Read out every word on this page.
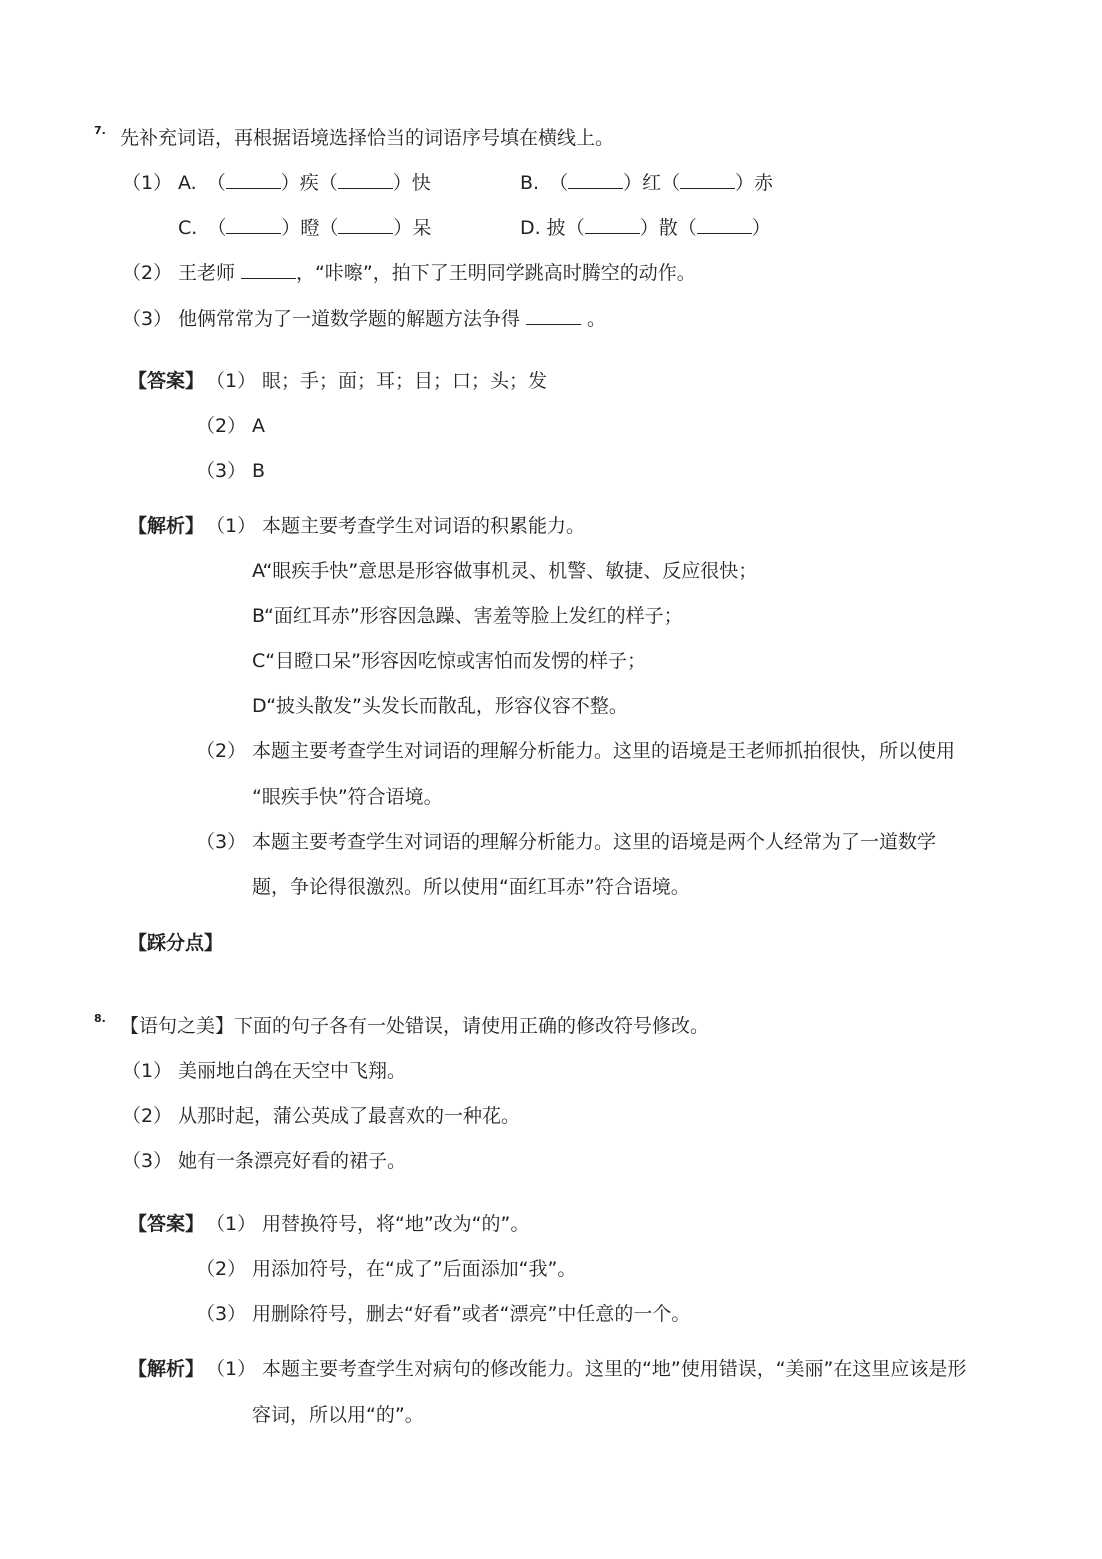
7. 先补充词语，再根据语境选择恰当的词语序号填在横线上。
（1） A. （	）疾（	）快	B. （	）红（	）赤
C. （	）瞪（	）呆	D. 披（	）散（	）
（2） 王老师	，“咔嚓”，拍下了王明同学跳高时腾空的动作。
（3） 他俩常常为了一道数学题的解题方法争得	。
【答案】 （1） 眼；手；面；耳；目；口；头；发
（2） A
（3） B
【解析】 （1） 本题主要考查学生对词语的积累能力。
A“眼疾手快”意思是形容做事机灵、机警、敏捷、反应很快；
B“面红耳赤”形容因急躁、害羞等脸上发红的样子；
C“目瞪口呆”形容因吃惊或害怕而发愣的样子；
D“披头散发”头发长而散乱，形容仪容不整。
（2） 本题主要考查学生对词语的理解分析能力。这里的语境是王老师抓拍很快，所以使用
“眼疾手快”符合语境。
（3） 本题主要考查学生对词语的理解分析能力。这里的语境是两个人经常为了一道数学
题，争论得很激烈。所以使用“面红耳赤”符合语境。
【踩分点】
8. 【语句之美】下面的句子各有一处错误，请使用正确的修改符号修改。
（1） 美丽地白鸽在天空中飞翔。
（2） 从那时起，蒲公英成了最喜欢的一种花。
（3） 她有一条漂亮好看的裙子。
【答案】 （1） 用替换符号，将“地”改为“的”。
（2） 用添加符号，在“成了”后面添加“我”。
（3） 用删除符号，删去“好看”或者“漂亮”中任意的一个。
【解析】 （1） 本题主要考查学生对病句的修改能力。这里的“地”使用错误，“美丽”在这里应该是形
容词，所以用“的”。
